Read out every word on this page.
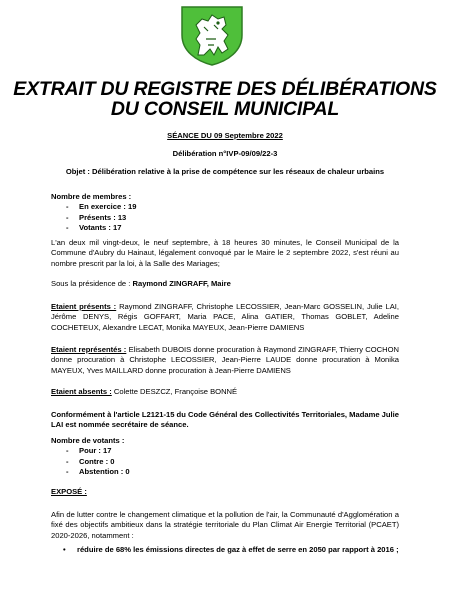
EXTRAIT DU REGISTRE DES DÉLIBÉRATIONS
DU CONSEIL MUNICIPAL
SÉANCE DU 09 Septembre 2022
Délibération n°IVP-09/09/22-3
Objet : Délibération relative à la prise de compétence sur les réseaux de chaleur urbains
Nombre de membres :
- En exercice : 19
- Présents : 13
- Votants : 17
L'an deux mil vingt-deux, le neuf septembre, à 18 heures 30 minutes, le Conseil Municipal de la Commune d'Aubry du Hainaut, légalement convoqué par le Maire le 2 septembre 2022, s'est réuni au nombre prescrit par la loi, à la Salle des Mariages;
Sous la présidence de : Raymond ZINGRAFF, Maire
Etaient présents : Raymond ZINGRAFF, Christophe LECOSSIER, Jean-Marc GOSSELIN, Julie LAI, Jérôme DENYS, Régis GOFFART, Maria PACE, Alina GATIER, Thomas GOBLET, Adeline COCHETEUX, Alexandre LECAT, Monika MAYEUX, Jean-Pierre DAMIENS
Etaient représentés : Elisabeth DUBOIS donne procuration à Raymond ZINGRAFF, Thierry COCHON donne procuration à Christophe LECOSSIER, Jean-Pierre LAUDE donne procuration à Monika MAYEUX, Yves MAILLARD donne procuration à Jean-Pierre DAMIENS
Etaient absents : Colette DESZCZ, Françoise BONNÉ
Conformément à l'article L2121-15 du Code Général des Collectivités Territoriales, Madame Julie LAI est nommée secrétaire de séance.
Nombre de votants :
- Pour : 17
- Contre : 0
- Abstention : 0
EXPOSÉ :
Afin de lutter contre le changement climatique et la pollution de l'air, la Communauté d'Agglomération a fixé des objectifs ambitieux dans la stratégie territoriale du Plan Climat Air Energie Territorial (PCAET) 2020-2026, notamment :
• réduire de 68% les émissions directes de gaz à effet de serre en 2050 par rapport à 2016 ;
